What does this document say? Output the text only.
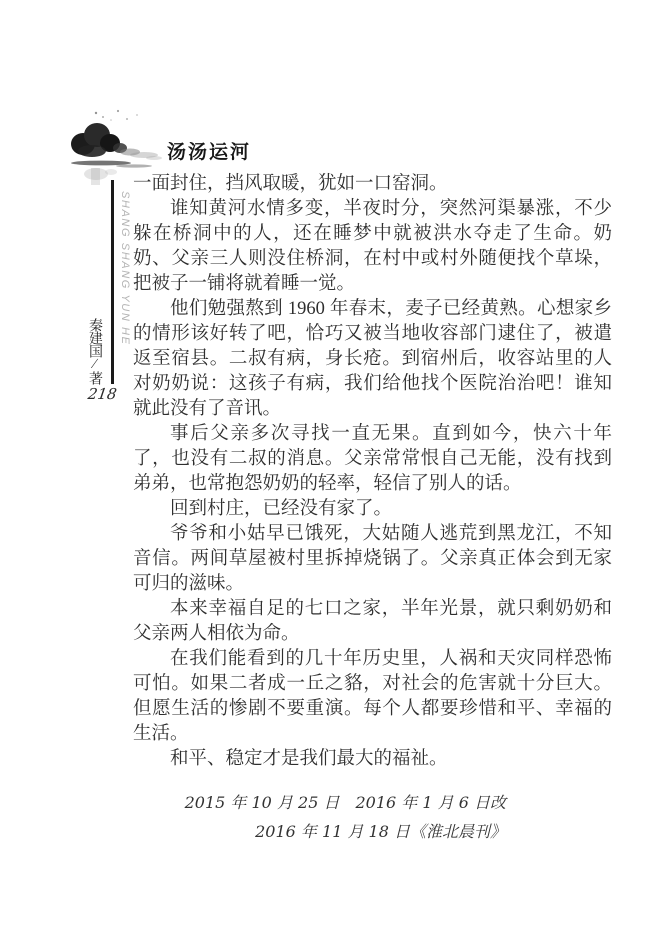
汤汤运河
SHANG SHANG YUN HE
秦建国∕著
218

一面封住，挡风取暖，犹如一口窑洞。

谁知黄河水情多变，半夜时分，突然河渠暴涨，不少躲在桥洞中的人，还在睡梦中就被洪水夺走了生命。奶奶、父亲三人则没住桥洞，在村中或村外随便找个草垛，把被子一铺将就着睡一觉。

他们勉强熬到 1960 年春末，麦子已经黄熟。心想家乡的情形该好转了吧，恰巧又被当地收容部门逮住了，被遣返至宿县。二叔有病，身长疮。到宿州后，收容站里的人对奶奶说：这孩子有病，我们给他找个医院治治吧！谁知就此没有了音讯。

事后父亲多次寻找一直无果。直到如今，快六十年了，也没有二叔的消息。父亲常常恨自己无能，没有找到弟弟，也常抱怨奶奶的轻率，轻信了别人的话。

回到村庄，已经没有家了。

爷爷和小姑早已饿死，大姑随人逃荒到黑龙江，不知音信。两间草屋被村里拆掉烧锅了。父亲真正体会到无家可归的滋味。

本来幸福自足的七口之家，半年光景，就只剩奶奶和父亲两人相依为命。

在我们能看到的几十年历史里，人祸和天灾同样恐怖可怕。如果二者成一丘之貉，对社会的危害就十分巨大。但愿生活的惨剧不要重演。每个人都要珍惜和平、幸福的生活。

和平、稳定才是我们最大的福祉。

2015 年 10 月 25 日　2016 年 1 月 6 日改

2016 年 11 月 18 日《淮北晨刊》
